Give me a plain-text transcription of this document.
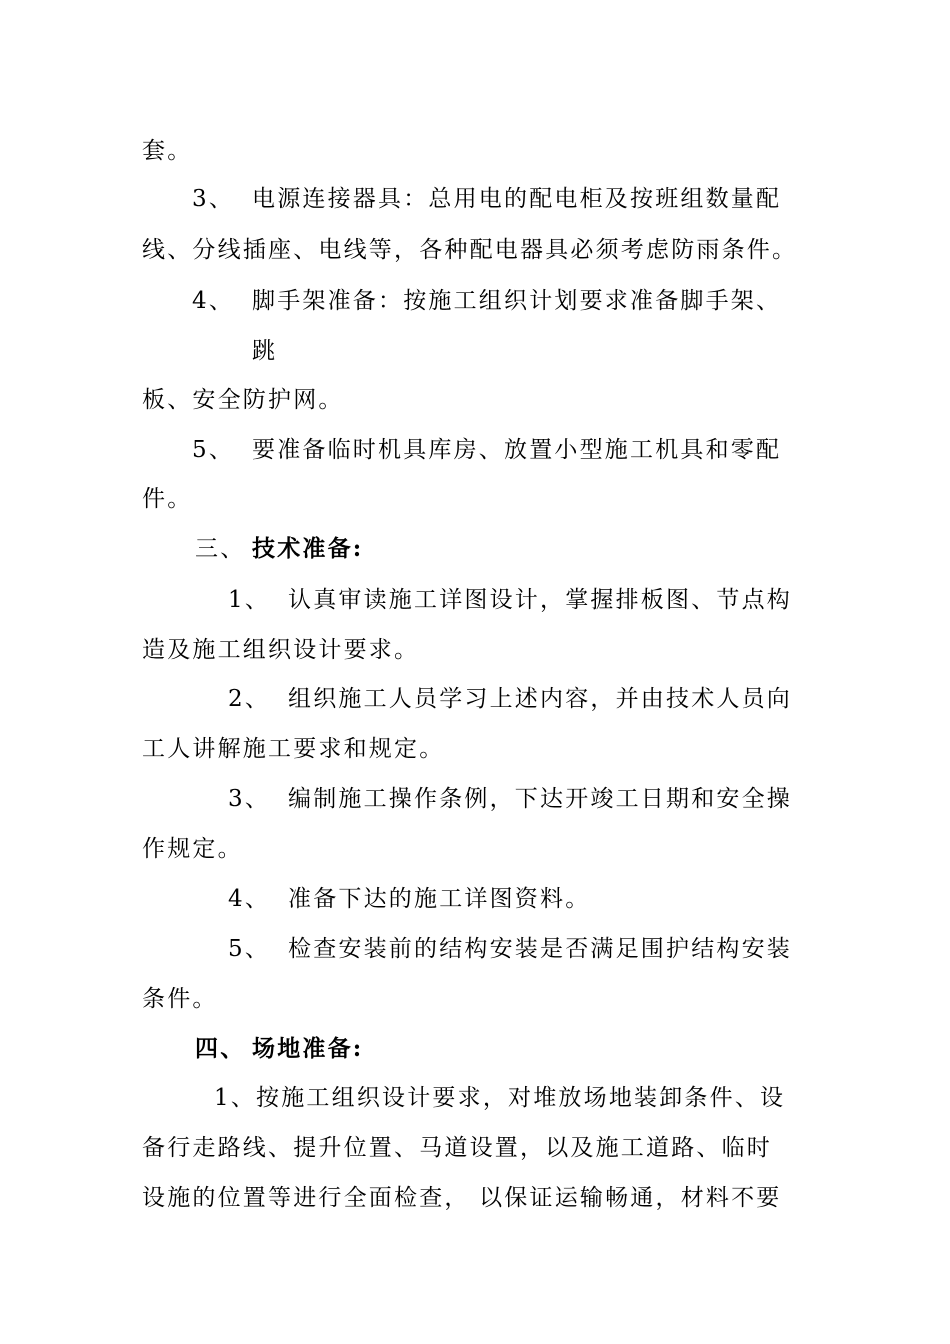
套。
3、 电源连接器具：总用电的配电柜及按班组数量配
线、分线插座、电线等，各种配电器具必须考虑防雨条件。
4、 脚手架准备：按施工组织计划要求准备脚手架、
跳
板、安全防护网。
5、 要准备临时机具库房、放置小型施工机具和零配
件。
三、 技术准备:
1、 认真审读施工详图设计，掌握排板图、节点构
造及施工组织设计要求。
2、 组织施工人员学习上述内容，并由技术人员向
工人讲解施工要求和规定。
3、 编制施工操作条例，下达开竣工日期和安全操
作规定。
4、 准备下达的施工详图资料。
5、 检查安装前的结构安装是否满足围护结构安装
条件。
四、 场地准备:
1、按施工组织设计要求，对堆放场地装卸条件、设
备行走路线、提升位置、马道设置，以及施工道路、临时
设施的位置等进行全面检查， 以保证运输畅通，材料不要
